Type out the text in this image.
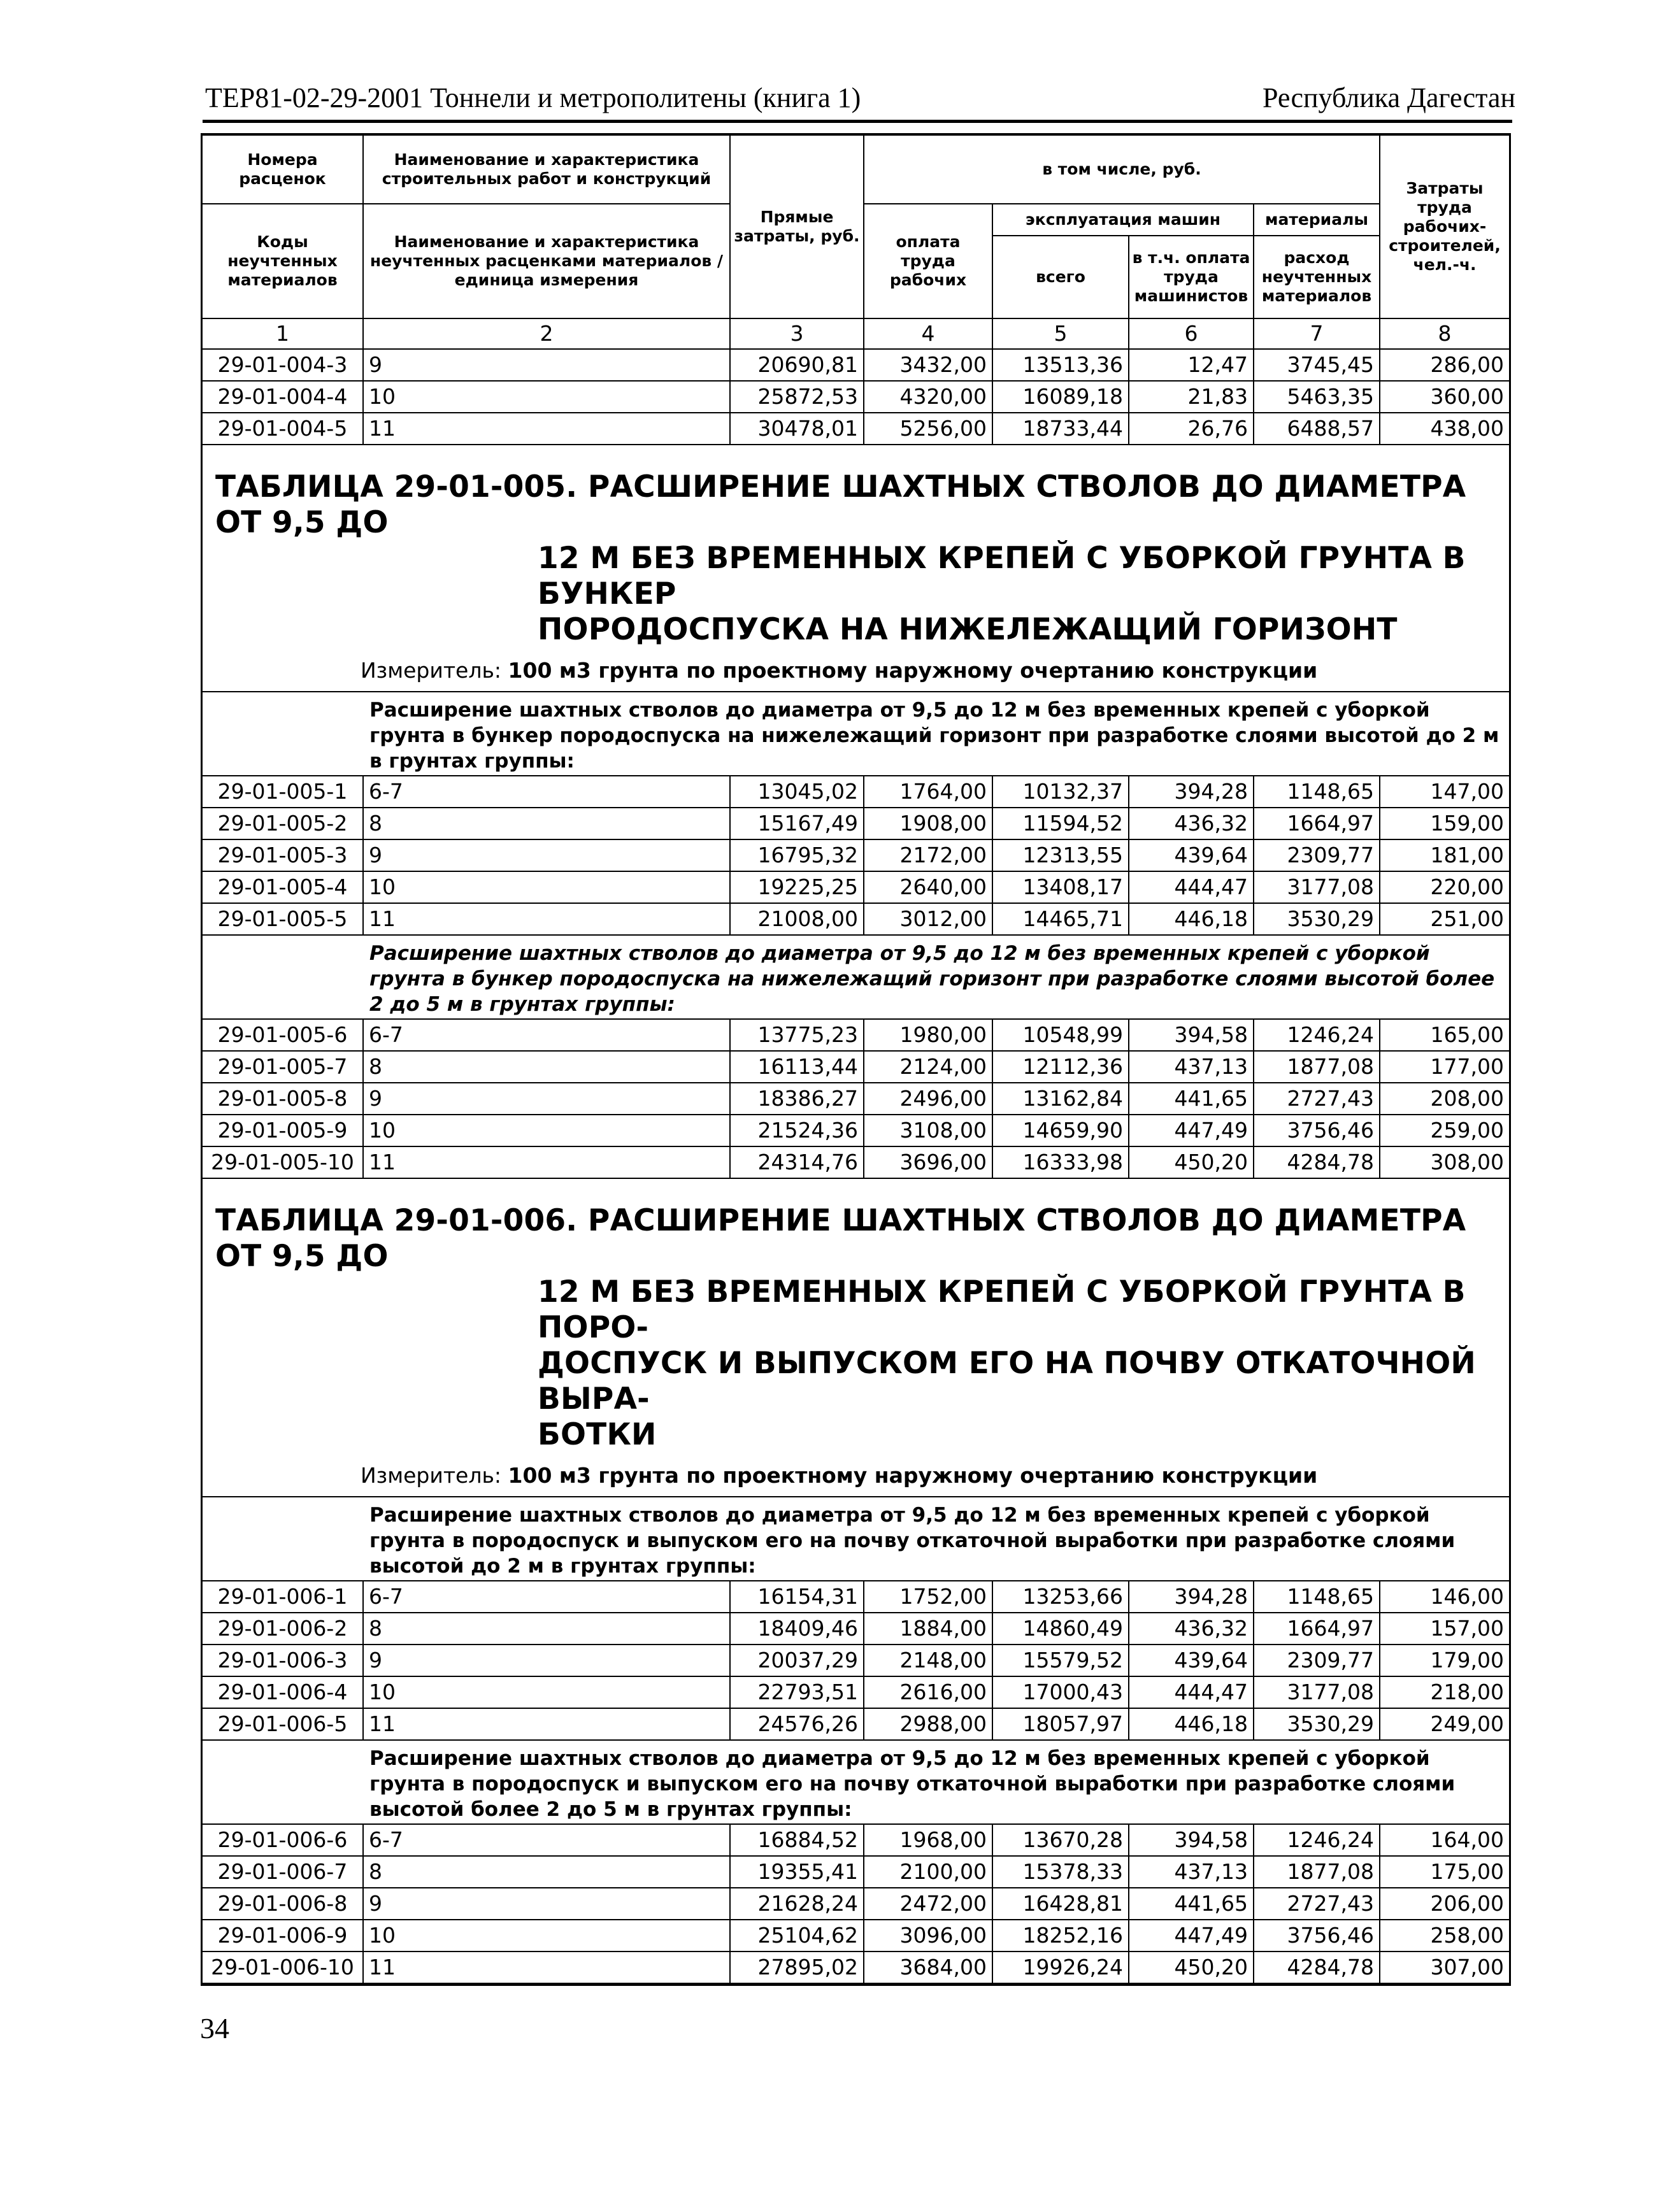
ТЕР81-02-29-2001 Тоннели и метрополитены (книга 1)	Республика Дагестан
Номера расценок	Наименование и характеристика строительных работ и конструкций	Прямые затраты, руб.	в том числе, руб.				Затраты труда рабочих-строителей, чел.-ч.
Коды неучтенных материалов	Наименование и характеристика неучтенных расценками материалов / единица измерения		оплата труда рабочих	эксплуатация машин		материалы	
				всего	в т.ч. оплата труда машинистов	расход неучтенных материалов	
1	2	3	4	5	6	7	8
29-01-004-3	9	20690,81	3432,00	13513,36	12,47	3745,45	286,00
29-01-004-4	10	25872,53	4320,00	16089,18	21,83	5463,35	360,00
29-01-004-5	11	30478,01	5256,00	18733,44	26,76	6488,57	438,00

ТАБЛИЦА 29-01-005. РАСШИРЕНИЕ ШАХТНЫХ СТВОЛОВ ДО ДИАМЕТРА ОТ 9,5 ДО
12 М БЕЗ ВРЕМЕННЫХ КРЕПЕЙ С УБОРКОЙ ГРУНТА В БУНКЕР
ПОРОДОСПУСКА НА НИЖЕЛЕЖАЩИЙ ГОРИЗОНТ
Измеритель: 100 м3 грунта по проектному наружному очертанию конструкции							

	Расширение шахтных стволов до диаметра от 9,5 до 12 м без временных крепей с уборкой грунта в бункер породоспуска на нижележащий горизонт при разработке слоями высотой до 2 м в грунтах группы:						

29-01-005-1	6-7	13045,02	1764,00	10132,37	394,28	1148,65	147,00
29-01-005-2	8	15167,49	1908,00	11594,52	436,32	1664,97	159,00
29-01-005-3	9	16795,32	2172,00	12313,55	439,64	2309,77	181,00
29-01-005-4	10	19225,25	2640,00	13408,17	444,47	3177,08	220,00
29-01-005-5	11	21008,00	3012,00	14465,71	446,18	3530,29	251,00

	Расширение шахтных стволов до диаметра от 9,5 до 12 м без временных крепей с уборкой грунта в бункер породоспуска на нижележащий горизонт при разработке слоями высотой более 2 до 5 м в грунтах группы:						

29-01-005-6	6-7	13775,23	1980,00	10548,99	394,58	1246,24	165,00
29-01-005-7	8	16113,44	2124,00	12112,36	437,13	1877,08	177,00
29-01-005-8	9	18386,27	2496,00	13162,84	441,65	2727,43	208,00
29-01-005-9	10	21524,36	3108,00	14659,90	447,49	3756,46	259,00
29-01-005-10	11	24314,76	3696,00	16333,98	450,20	4284,78	308,00

ТАБЛИЦА 29-01-006. РАСШИРЕНИЕ ШАХТНЫХ СТВОЛОВ ДО ДИАМЕТРА ОТ 9,5 ДО
12 М БЕЗ ВРЕМЕННЫХ КРЕПЕЙ С УБОРКОЙ ГРУНТА В ПОРО-
ДОСПУСК И ВЫПУСКОМ ЕГО НА ПОЧВУ ОТКАТОЧНОЙ ВЫРА-
БОТКИ
Измеритель: 100 м3 грунта по проектному наружному очертанию конструкции							

	Расширение шахтных стволов до диаметра от 9,5 до 12 м без временных крепей с уборкой грунта в породоспуск и выпуском его на почву откаточной выработки при разработке слоями высотой до 2 м в грунтах группы:						

29-01-006-1	6-7	16154,31	1752,00	13253,66	394,28	1148,65	146,00
29-01-006-2	8	18409,46	1884,00	14860,49	436,32	1664,97	157,00
29-01-006-3	9	20037,29	2148,00	15579,52	439,64	2309,77	179,00
29-01-006-4	10	22793,51	2616,00	17000,43	444,47	3177,08	218,00
29-01-006-5	11	24576,26	2988,00	18057,97	446,18	3530,29	249,00

	Расширение шахтных стволов до диаметра от 9,5 до 12 м без временных крепей с уборкой грунта в породоспуск и выпуском его на почву откаточной выработки при разработке слоями высотой более 2 до 5 м в грунтах группы:						

29-01-006-6	6-7	16884,52	1968,00	13670,28	394,58	1246,24	164,00
29-01-006-7	8	19355,41	2100,00	15378,33	437,13	1877,08	175,00
29-01-006-8	9	21628,24	2472,00	16428,81	441,65	2727,43	206,00
29-01-006-9	10	25104,62	3096,00	18252,16	447,49	3756,46	258,00
29-01-006-10	11	27895,02	3684,00	19926,24	450,20	4284,78	307,00
34
